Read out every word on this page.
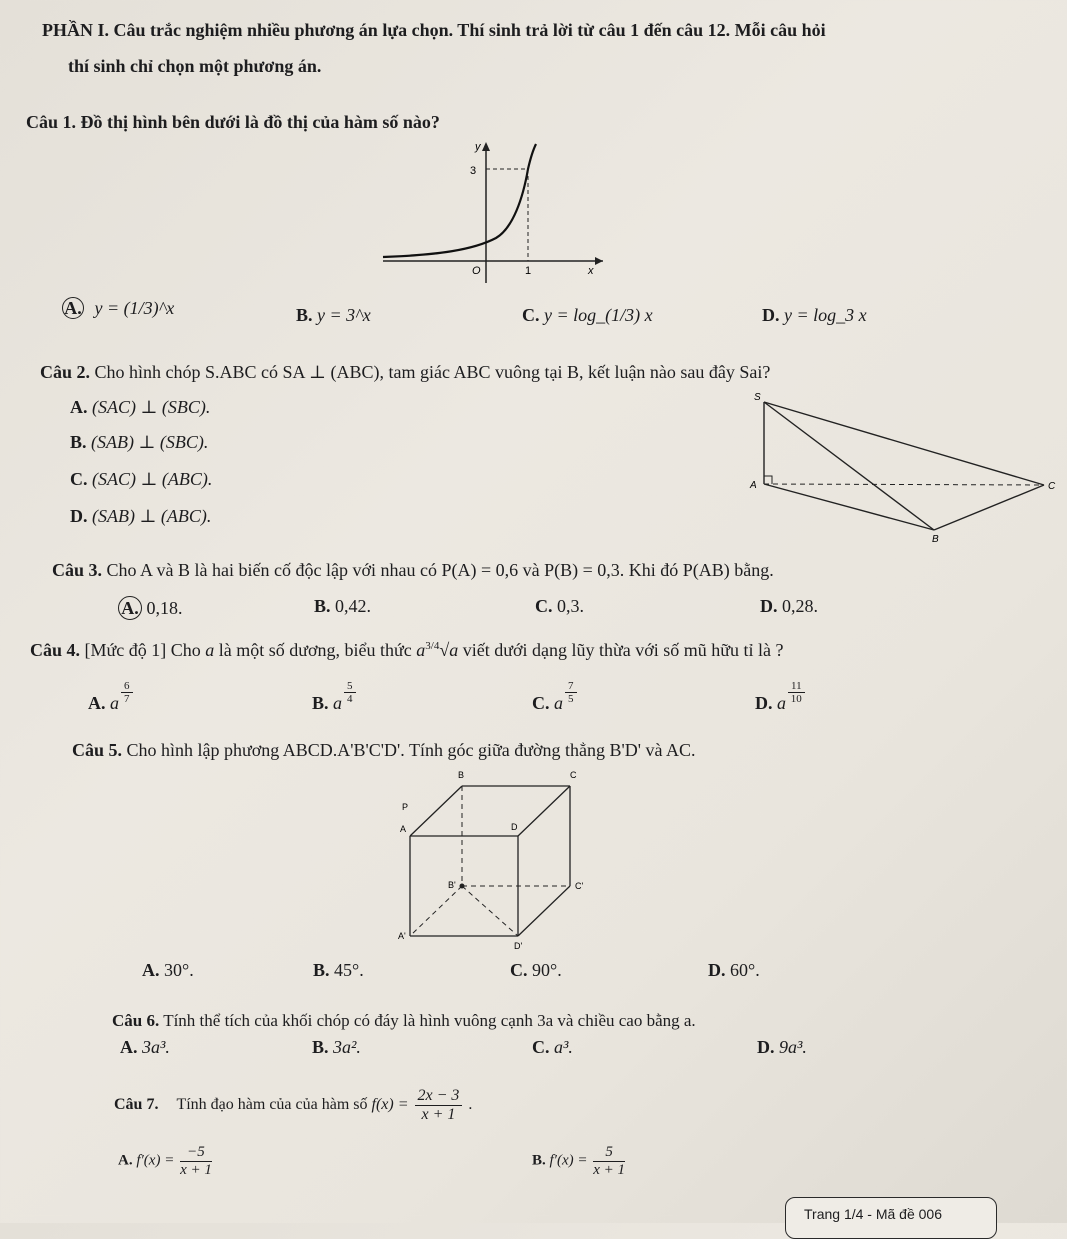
PHẦN I. Câu trắc nghiệm nhiều phương án lựa chọn. Thí sinh trả lời từ câu 1 đến câu 12. Mỗi câu hỏi
thí sinh chỉ chọn một phương án.
Câu 1. Đồ thị hình bên dưới là đồ thị của hàm số nào?
y
3
O	1	x
A. y = (1/3)^x	B. y = 3^x	C. y = log_(1/3) x	D. y = log_3 x
Câu 2. Cho hình chóp S.ABC có SA ⊥ (ABC), tam giác ABC vuông tại B, kết luận nào sau đây Sai?
A. (SAC) ⊥ (SBC).
B. (SAB) ⊥ (SBC).
C. (SAC) ⊥ (ABC).
D. (SAB) ⊥ (ABC).
S
A
B
C
Câu 3. Cho A và B là hai biến cố độc lập với nhau có P(A) = 0,6 và P(B) = 0,3. Khi đó P(AB) bằng.
A. 0,18.	B. 0,42.	C. 0,3.	D. 0,28.
Câu 4. [Mức độ 1] Cho a là một số dương, biểu thức $a^{3/4}√a$ viết dưới dạng lũy thừa với số mũ hữu tỉ là ?
A. a $\frac{6}{7}$	B. a $\frac{5}{4}$	C. a $\frac{7}{5}$	D. a $\frac{11}{10}$
Câu 5. Cho hình lập phương ABCD.A'B'C'D'. Tính góc giữa đường thẳng B'D' và AC.
B	C
P
A	D
B'	C'
A'
D'
A. 30°.	B. 45°.	C. 90°.	D. 60°.
Câu 6. Tính thể tích của khối chóp có đáy là hình vuông cạnh 3a và chiều cao bằng a.
A. 3a³.	B. 3a².	C. a³.	D. 9a³.
Câu 7. Tính đạo hàm của của hàm số $f(x) = \frac{2x - 3}{x + 1}$ .
A. $f'(x) = \frac{-5}{x + 1}$	B. $f'(x) = \frac{5}{x + 1}$
Trang 1/4 - Mã đề 006
